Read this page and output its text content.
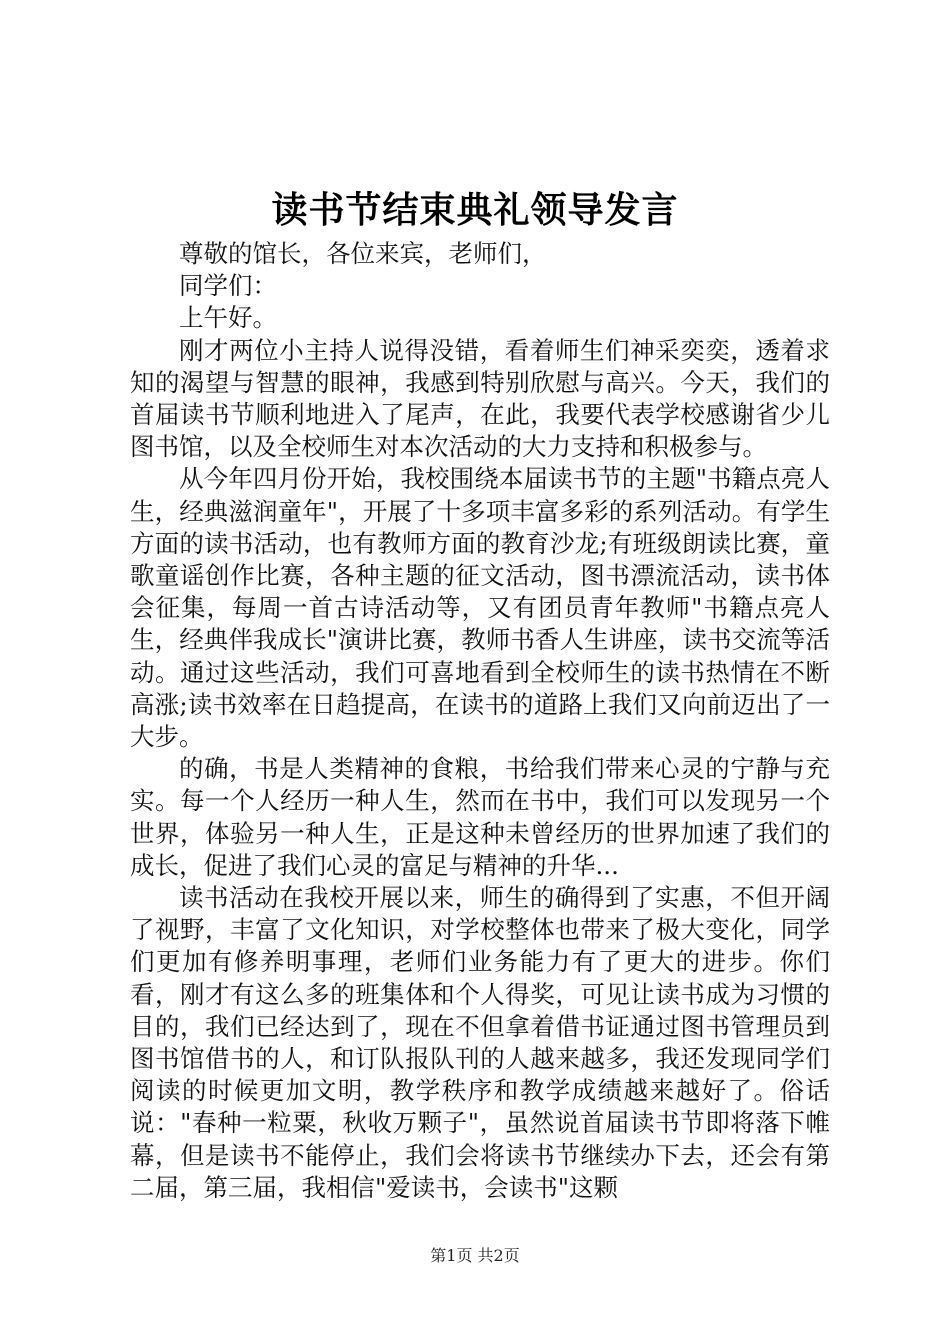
读书节结束典礼领导发言

尊敬的馆长，各位来宾，老师们，

同学们：

上午好。

刚才两位小主持人说得没错，看着师生们神采奕奕，透着求知的渴望与智慧的眼神，我感到特别欣慰与高兴。今天，我们的首届读书节顺利地进入了尾声，在此，我要代表学校感谢省少儿图书馆，以及全校师生对本次活动的大力支持和积极参与。

从今年四月份开始，我校围绕本届读书节的主题"书籍点亮人生，经典滋润童年"，开展了十多项丰富多彩的系列活动。有学生方面的读书活动，也有教师方面的教育沙龙;有班级朗读比赛，童歌童谣创作比赛，各种主题的征文活动，图书漂流活动，读书体会征集，每周一首古诗活动等，又有团员青年教师"书籍点亮人生，经典伴我成长"演讲比赛，教师书香人生讲座，读书交流等活动。通过这些活动，我们可喜地看到全校师生的读书热情在不断高涨;读书效率在日趋提高，在读书的道路上我们又向前迈出了一大步。

的确，书是人类精神的食粮，书给我们带来心灵的宁静与充实。每一个人经历一种人生，然而在书中，我们可以发现另一个世界，体验另一种人生，正是这种未曾经历的世界加速了我们的成长，促进了我们心灵的富足与精神的升华...

读书活动在我校开展以来，师生的确得到了实惠，不但开阔了视野，丰富了文化知识，对学校整体也带来了极大变化，同学们更加有修养明事理，老师们业务能力有了更大的进步。你们看，刚才有这么多的班集体和个人得奖，可见让读书成为习惯的目的，我们已经达到了，现在不但拿着借书证通过图书管理员到图书馆借书的人，和订队报队刊的人越来越多，我还发现同学们阅读的时候更加文明，教学秩序和教学成绩越来越好了。俗话说："春种一粒粟，秋收万颗子"，虽然说首届读书节即将落下帷幕，但是读书不能停止，我们会将读书节继续办下去，还会有第二届，第三届，我相信"爱读书，会读书"这颗

第1页 共2页
